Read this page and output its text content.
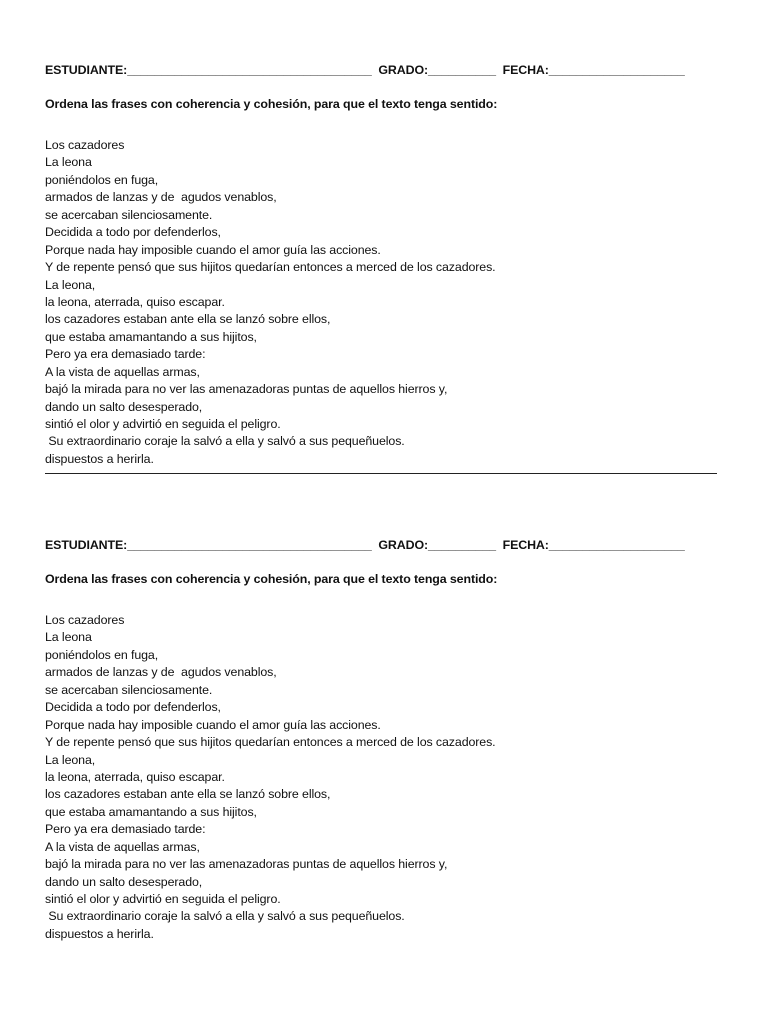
ESTUDIANTE:____________________________________  GRADO:__________  FECHA:____________________
Ordena las frases con coherencia y cohesión, para que el texto tenga sentido:
Los cazadores
La leona
poniéndolos en fuga,
armados de lanzas y de  agudos venablos,
se acercaban silenciosamente.
Decidida a todo por defenderlos,
Porque nada hay imposible cuando el amor guía las acciones.
Y de repente pensó que sus hijitos quedarían entonces a merced de los cazadores.
La leona,
la leona, aterrada, quiso escapar.
los cazadores estaban ante ella se lanzó sobre ellos,
que estaba amamantando a sus hijitos,
Pero ya era demasiado tarde:
A la vista de aquellas armas,
bajó la mirada para no ver las amenazadoras puntas de aquellos hierros y,
dando un salto desesperado,
sintió el olor y advirtió en seguida el peligro.
Su extraordinario coraje la salvó a ella y salvó a sus pequeñuelos.
dispuestos a herirla.
ESTUDIANTE:____________________________________  GRADO:__________  FECHA:____________________
Ordena las frases con coherencia y cohesión, para que el texto tenga sentido:
Los cazadores
La leona
poniéndolos en fuga,
armados de lanzas y de  agudos venablos,
se acercaban silenciosamente.
Decidida a todo por defenderlos,
Porque nada hay imposible cuando el amor guía las acciones.
Y de repente pensó que sus hijitos quedarían entonces a merced de los cazadores.
La leona,
la leona, aterrada, quiso escapar.
los cazadores estaban ante ella se lanzó sobre ellos,
que estaba amamantando a sus hijitos,
Pero ya era demasiado tarde:
A la vista de aquellas armas,
bajó la mirada para no ver las amenazadoras puntas de aquellos hierros y,
dando un salto desesperado,
sintió el olor y advirtió en seguida el peligro.
Su extraordinario coraje la salvó a ella y salvó a sus pequeñuelos.
dispuestos a herirla.
